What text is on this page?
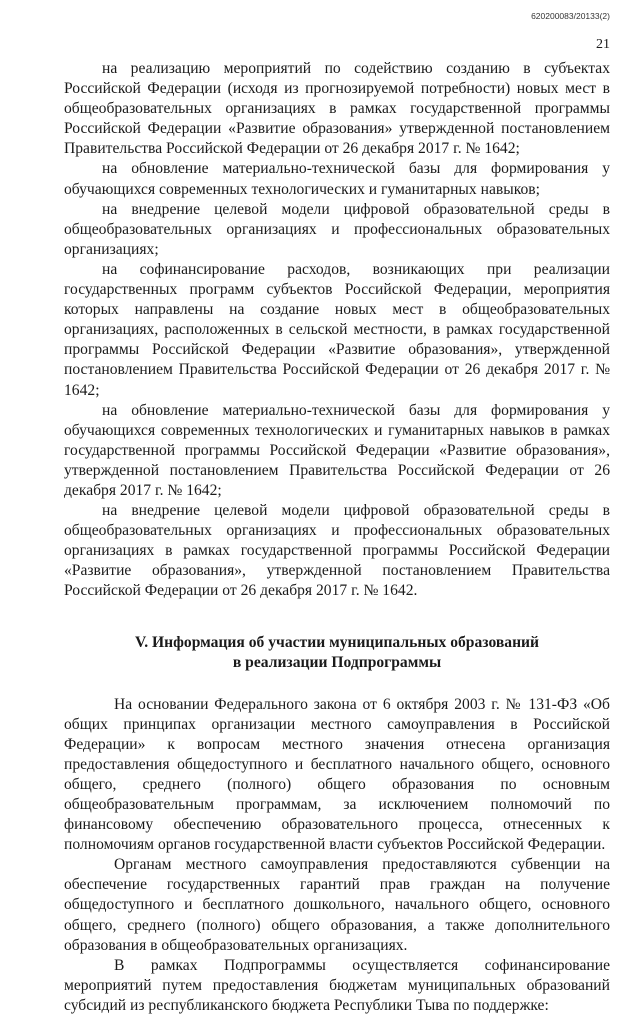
620200083/20133(2)
21

на реализацию мероприятий по содействию созданию в субъектах Российской Федерации (исходя из прогнозируемой потребности) новых мест в общеобразовательных организациях в рамках государственной программы Российской Федерации «Развитие образования» утвержденной постановлением Правительства Российской Федерации от 26 декабря 2017 г. № 1642;

на обновление материально-технической базы для формирования у обучающихся современных технологических и гуманитарных навыков;

на внедрение целевой модели цифровой образовательной среды в общеобразовательных организациях и профессиональных образовательных организациях;

на софинансирование расходов, возникающих при реализации государственных программ субъектов Российской Федерации, мероприятия которых направлены на создание новых мест в общеобразовательных организациях, расположенных в сельской местности, в рамках государственной программы Российской Федерации «Развитие образования», утвержденной постановлением Правительства Российской Федерации от 26 декабря 2017 г. № 1642;

на обновление материально-технической базы для формирования у обучающихся современных технологических и гуманитарных навыков в рамках государственной программы Российской Федерации «Развитие образования», утвержденной постановлением Правительства Российской Федерации от 26 декабря 2017 г. № 1642;

на внедрение целевой модели цифровой образовательной среды в общеобразовательных организациях и профессиональных образовательных организациях в рамках государственной программы Российской Федерации «Развитие образования», утвержденной постановлением Правительства Российской Федерации от 26 декабря 2017 г. № 1642.

V. Информация об участии муниципальных образований
в реализации Подпрограммы

На основании Федерального закона от 6 октября 2003 г. № 131-ФЗ «Об общих принципах организации местного самоуправления в Российской Федерации» к вопросам местного значения отнесена организация предоставления общедоступного и бесплатного начального общего, основного общего, среднего (полного) общего образования по основным общеобразовательным программам, за исключением полномочий по финансовому обеспечению образовательного процесса, отнесенных к полномочиям органов государственной власти субъектов Российской Федерации.

Органам местного самоуправления предоставляются субвенции на обеспечение государственных гарантий прав граждан на получение общедоступного и бесплатного дошкольного, начального общего, основного общего, среднего (полного) общего образования, а также дополнительного образования в общеобразовательных организациях.

В рамках Подпрограммы осуществляется софинансирование мероприятий путем предоставления бюджетам муниципальных образований субсидий из республиканского бюджета Республики Тыва по поддержке:
